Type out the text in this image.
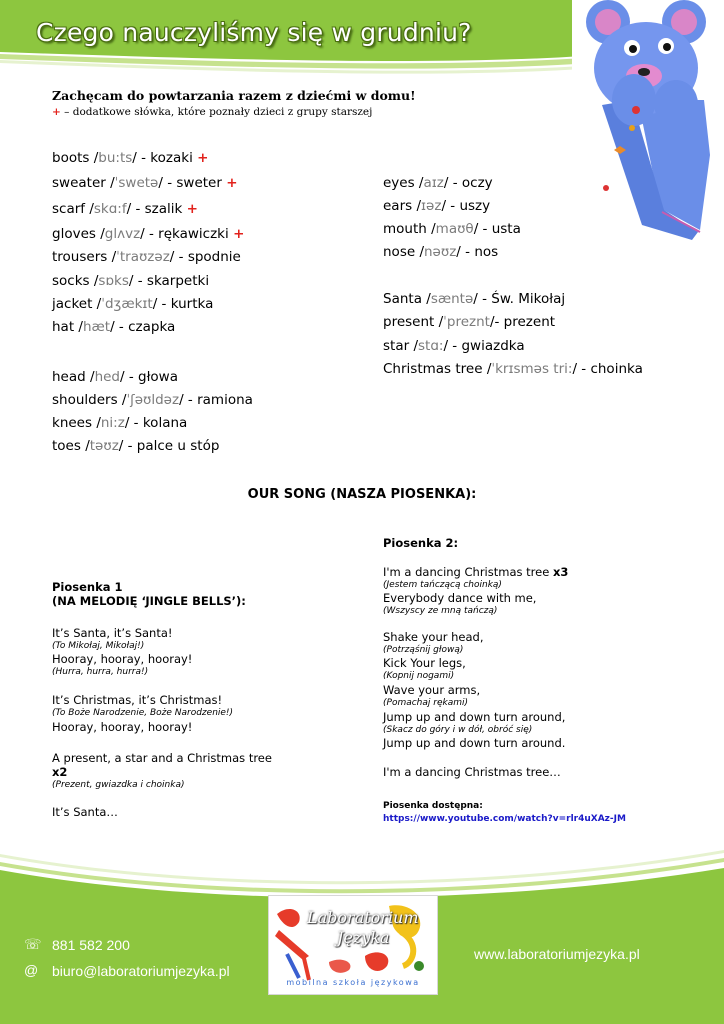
Czego nauczyliśmy się w grudniu?
Zachęcam do powtarzania razem z dziećmi w domu!
+ – dodatkowe słówka, które poznały dzieci z grupy starszej
boots /bu:ts/ - kozaki +
sweater /ˈswetə/ - sweter +
scarf /skɑ:f/ - szalik +
gloves /glʌvz/ - rękawiczki +
trousers /ˈtraʊzəz/ - spodnie
socks /sɒks/ - skarpetki
jacket /ˈdʒækɪt/ - kurtka
hat /hæt/ - czapka
head /hed/ - głowa
shoulders /ˈʃəʊldəz/ - ramiona
knees /ni:z/ - kolana
toes /təʊz/ - palce u stóp
eyes /aɪz/ - oczy
ears /ɪəz/ - uszy
mouth /maʊθ/ - usta
nose /nəʊz/ - nos
Santa /sæntə/ - Św. Mikołaj
present /ˈpreznt/- prezent
star /stɑ:/ - gwiazdka
Christmas tree /ˈkrɪsməs tri:/ - choinka
OUR SONG (NASZA PIOSENKA):
Piosenka 1
(NA MELODIĘ ‘JINGLE BELLS’):
It’s Santa, it’s Santa!
(To Mikołaj, Mikołaj!)
Hooray, hooray, hooray!
(Hurra, hurra, hurra!)
It’s Christmas, it’s Christmas!
(To Boże Narodzenie, Boże Narodzenie!)
Hooray, hooray, hooray!
A present, a star and a Christmas tree
x2
(Prezent, gwiazdka i choinka)
It’s Santa…
Piosenka 2:
I'm a dancing Christmas tree x3
(Jestem tańczącą choinką)
Everybody dance with me,
(Wszyscy ze mną tańczą)
Shake your head,
(Potrząśnij głową)
Kick Your legs,
(Kopnij nogami)
Wave your arms,
(Pomachaj rękami)
Jump up and down turn around,
(Skacz do góry i w dół, obróć się)
Jump up and down turn around.
I'm a dancing Christmas tree…
Piosenka dostępna:
https://www.youtube.com/watch?v=rlr4uXAz-JM
☏ 881 582 200
@ biuro@laboratoriumjezyka.pl
www.laboratoriumjezyka.pl
Laboratorium
Języka
mobilna szkoła językowa
